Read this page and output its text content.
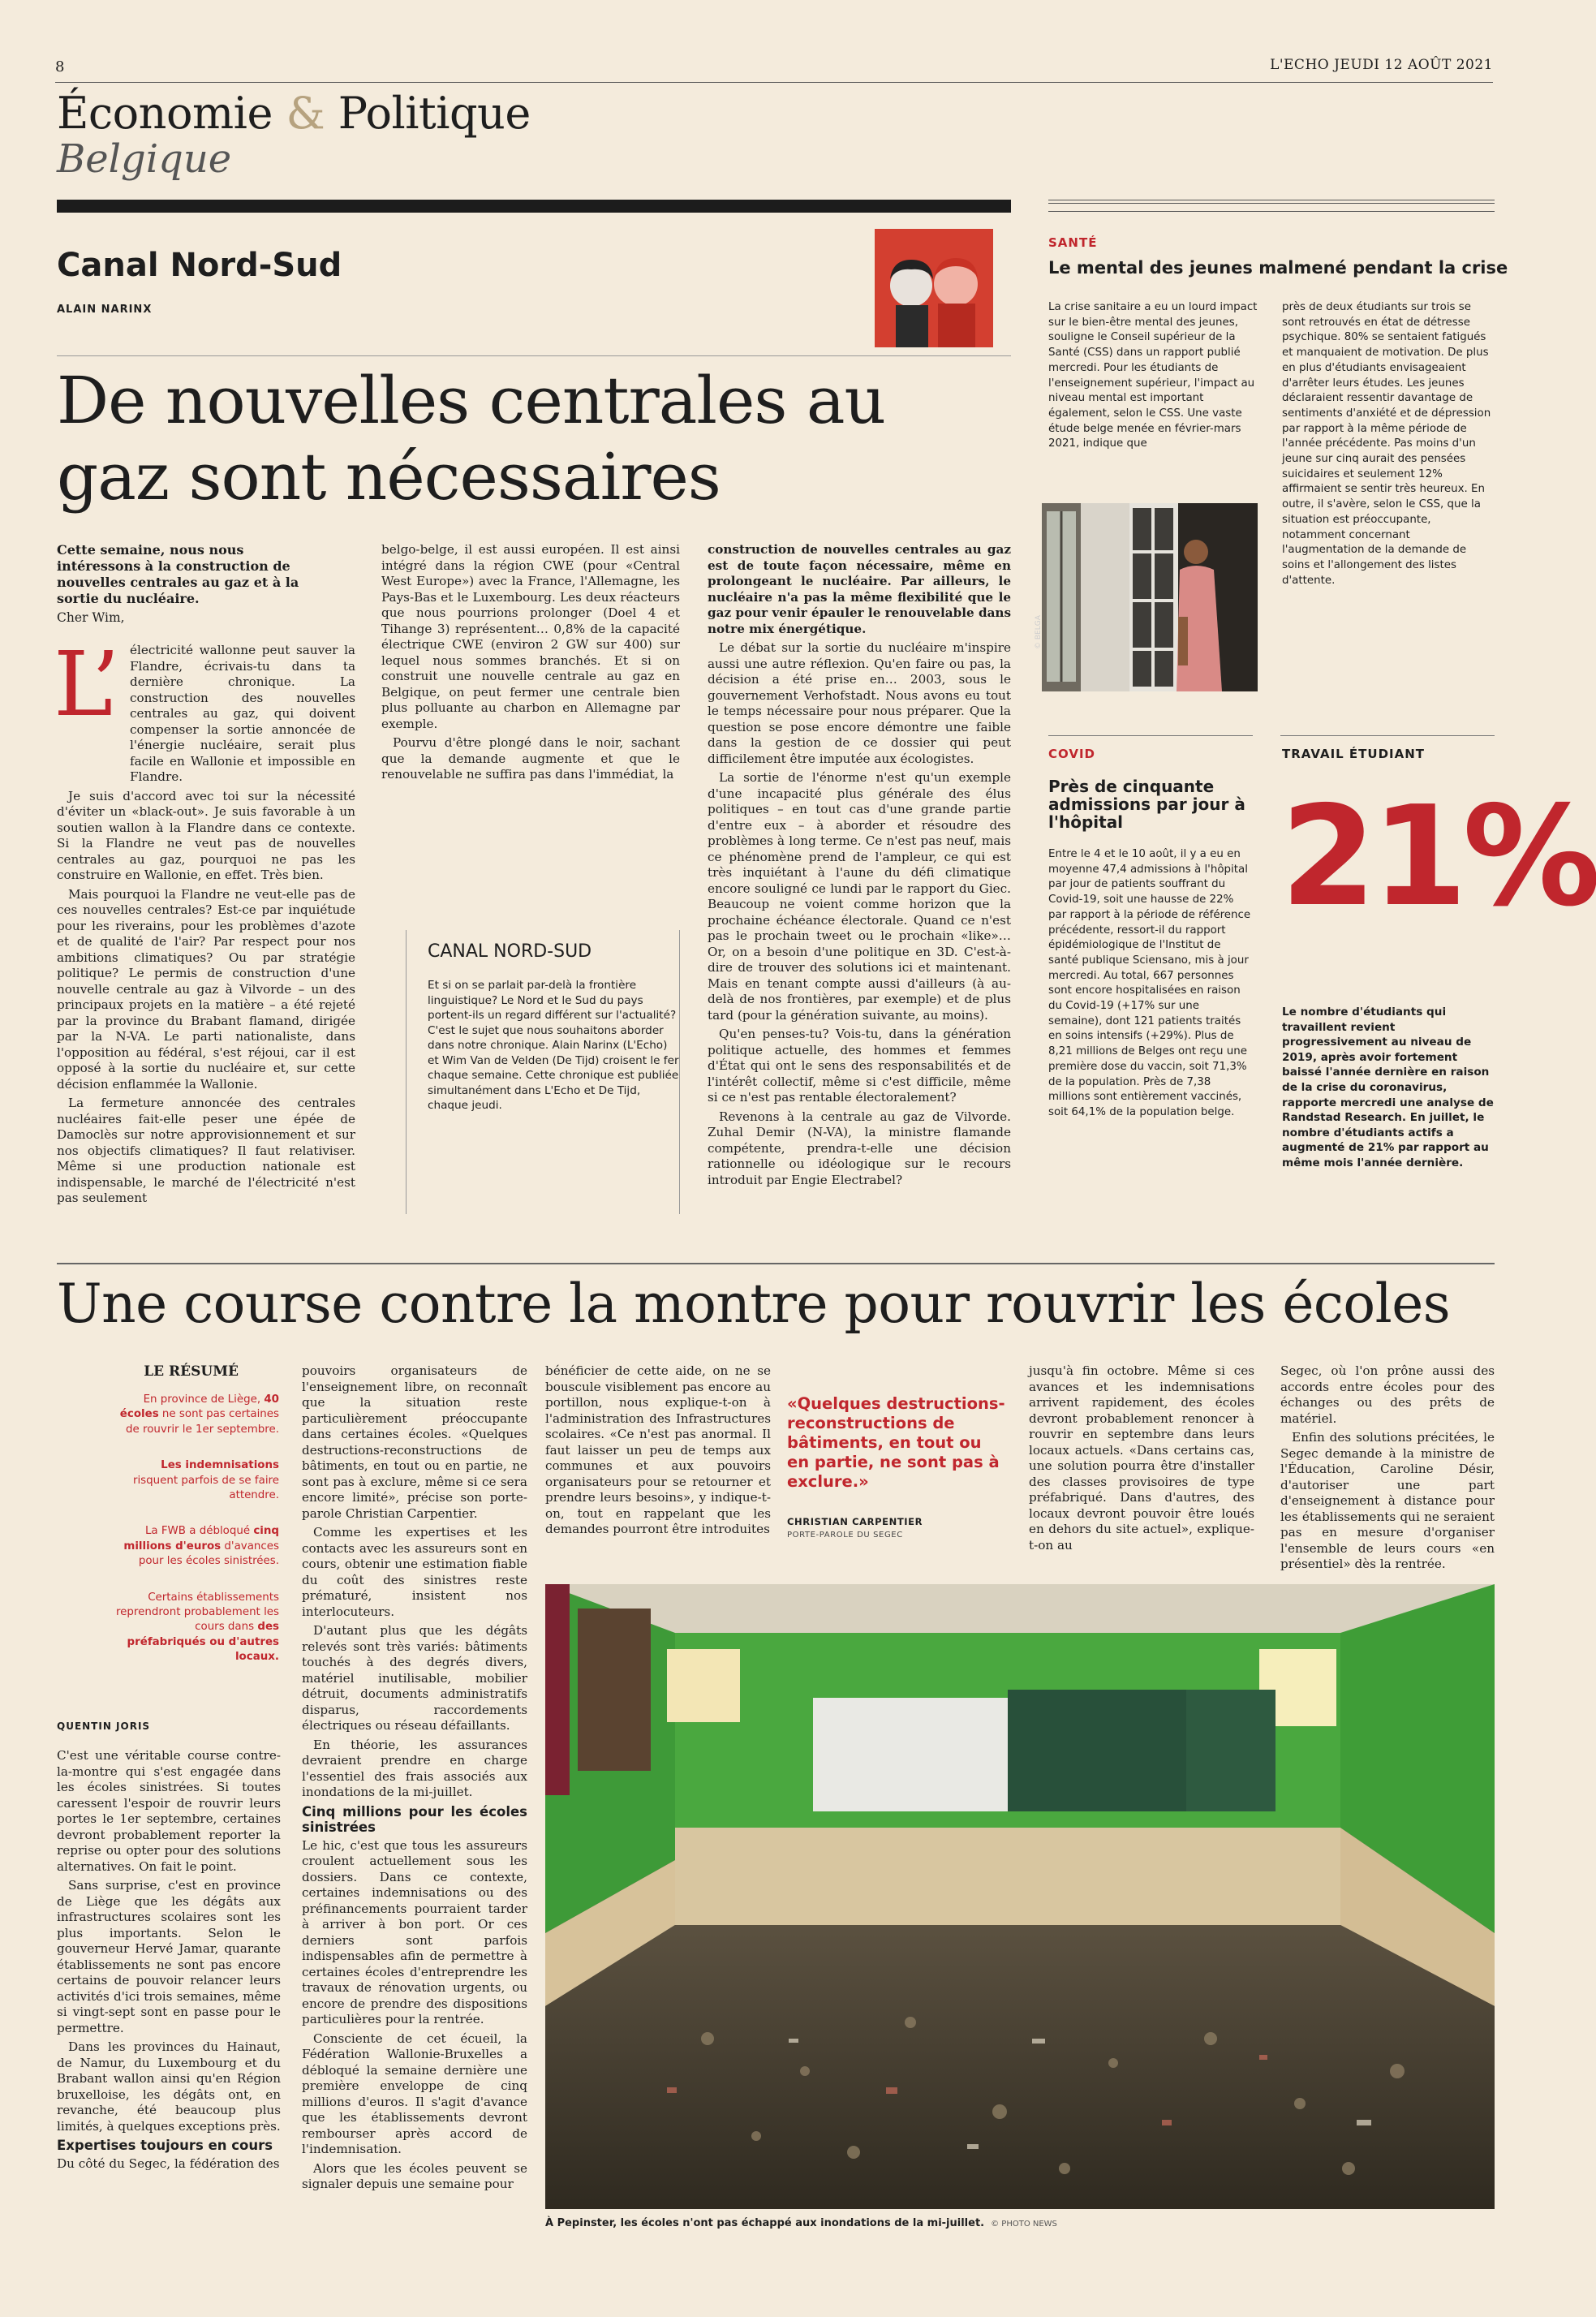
8	L'ECHO JEUDI 12 AOÛT 2021
Économie & Politique
Belgique
Canal Nord-Sud
ALAIN NARINX
De nouvelles centrales au gaz sont nécessaires
Cette semaine, nous nous intéressons à la construction de nouvelles centrales au gaz et à la sortie du nucléaire.
Cher Wim,
L’ électricité wallonne peut sauver la Flandre, écrivais-tu dans ta dernière chronique. La construction des nouvelles centrales au gaz, qui doivent compenser la sortie annoncée de l'énergie nucléaire, serait plus facile en Wallonie et impossible en Flandre.

Je suis d'accord avec toi sur la nécessité d'éviter un «black-out». Je suis favorable à un soutien wallon à la Flandre dans ce contexte. Si la Flandre ne veut pas de nouvelles centrales au gaz, pourquoi ne pas les construire en Wallonie, en effet. Très bien.

Mais pourquoi la Flandre ne veut-elle pas de ces nouvelles centrales? Est-ce par inquiétude pour les riverains, pour les problèmes d'azote et de qualité de l'air? Par respect pour nos ambitions climatiques? Ou par stratégie politique? Le permis de construction d'une nouvelle centrale au gaz à Vilvorde – un des principaux projets en la matière – a été rejeté par la province du Brabant flamand, dirigée par la N-VA. Le parti nationaliste, dans l'opposition au fédéral, s'est réjoui, car il est opposé à la sortie du nucléaire et, sur cette décision enflammée la Wallonie.

La fermeture annoncée des centrales nucléaires fait-elle peser une épée de Damoclès sur notre approvisionnement et sur nos objectifs climatiques? Il faut relativiser. Même si une production nationale est indispensable, le marché de l'électricité n'est pas seulement

belgo-belge, il est aussi européen. Il est ainsi intégré dans la région CWE (pour «Central West Europe») avec la France, l'Allemagne, les Pays-Bas et le Luxembourg. Les deux réacteurs que nous pourrions prolonger (Doel 4 et Tihange 3) représentent… 0,8% de la capacité électrique CWE (environ 2 GW sur 400) sur lequel nous sommes branchés. Et si on construit une nouvelle centrale au gaz en Belgique, on peut fermer une centrale bien plus polluante au charbon en Allemagne par exemple.

Pourvu d'être plongé dans le noir, sachant que la demande augmente et que le renouvelable ne suffira pas dans l'immédiat, la

construction de nouvelles centrales au gaz est de toute façon nécessaire, même en prolongeant le nucléaire. Par ailleurs, le nucléaire n'a pas la même flexibilité que le gaz pour venir épauler le renouvelable dans notre mix énergétique.

Le débat sur la sortie du nucléaire m'inspire aussi une autre réflexion. Qu'en faire ou pas, la décision a été prise en… 2003, sous le gouvernement Verhofstadt. Nous avons eu tout le temps nécessaire pour nous préparer. Que la question se pose encore démontre une faible dans la gestion de ce dossier qui peut difficilement être imputée aux écologistes.

La sortie de l'énorme n'est qu'un exemple d'une incapacité plus générale des élus politiques – en tout cas d'une grande partie d'entre eux – à aborder et résoudre des problèmes à long terme. Ce n'est pas neuf, mais ce phénomène prend de l'ampleur, ce qui est très inquiétant à l'aune du défi climatique encore souligné ce lundi par le rapport du Giec. Beaucoup ne voient comme horizon que la prochaine échéance électorale. Quand ce n'est pas le prochain tweet ou le prochain «like»… Or, on a besoin d'une politique en 3D. C'est-à-dire de trouver des solutions ici et maintenant. Mais en tenant compte aussi d'ailleurs (à au-delà de nos frontières, par exemple) et de plus tard (pour la génération suivante, au moins).

Qu'en penses-tu? Vois-tu, dans la génération politique actuelle, des hommes et femmes d'État qui ont le sens des responsabilités et de l'intérêt collectif, même si c'est difficile, même si ce n'est pas rentable électoralement?

Revenons à la centrale au gaz de Vilvorde. Zuhal Demir (N-VA), la ministre flamande compétente, prendra-t-elle une décision rationnelle ou idéologique sur le recours introduit par Engie Electrabel?

CANAL NORD-SUD
Et si on se parlait par-delà la frontière linguistique? Le Nord et le Sud du pays portent-ils un regard différent sur l'actualité? C'est le sujet que nous souhaitons aborder dans notre chronique. Alain Narinx (L'Echo) et Wim Van de Velden (De Tijd) croisent le fer chaque semaine. Cette chronique est publiée simultanément dans L'Echo et De Tijd, chaque jeudi.
SANTÉ
Le mental des jeunes malmené pendant la crise
La crise sanitaire a eu un lourd impact sur le bien-être mental des jeunes, souligne le Conseil supérieur de la Santé (CSS) dans un rapport publié mercredi. Pour les étudiants de l'enseignement supérieur, l'impact au niveau mental est important également, selon le CSS. Une vaste étude belge menée en février-mars 2021, indique que
près de deux étudiants sur trois se sont retrouvés en état de détresse psychique. 80% se sentaient fatigués et manquaient de motivation. De plus en plus d'étudiants envisageaient d'arrêter leurs études. Les jeunes déclaraient ressentir davantage de sentiments d'anxiété et de dépression par rapport à la même période de l'année précédente. Pas moins d'un jeune sur cinq aurait des pensées suicidaires et seulement 12% affirmaient se sentir très heureux. En outre, il s'avère, selon le CSS, que la situation est préoccupante, notamment concernant l'augmentation de la demande de soins et l'allongement des listes d'attente.
© BELGA
COVID
Près de cinquante admissions par jour à l'hôpital
Entre le 4 et le 10 août, il y a eu en moyenne 47,4 admissions à l'hôpital par jour de patients souffrant du Covid-19, soit une hausse de 22% par rapport à la période de référence précédente, ressort-il du rapport épidémiologique de l'Institut de santé publique Sciensano, mis à jour mercredi. Au total, 667 personnes sont encore hospitalisées en raison du Covid-19 (+17% sur une semaine), dont 121 patients traités en soins intensifs (+29%). Plus de 8,21 millions de Belges ont reçu une première dose du vaccin, soit 71,3% de la population. Près de 7,38 millions sont entièrement vaccinés, soit 64,1% de la population belge.
TRAVAIL ÉTUDIANT
21%
Le nombre d'étudiants qui travaillent revient progressivement au niveau de 2019, après avoir fortement baissé l'année dernière en raison de la crise du coronavirus, rapporte mercredi une analyse de Randstad Research. En juillet, le nombre d'étudiants actifs a augmenté de 21% par rapport au même mois l'année dernière.
Une course contre la montre pour rouvrir les écoles
LE RÉSUMÉ

En province de Liège, 40 écoles ne sont pas certaines de rouvrir le 1er septembre.

Les indemnisations risquent parfois de se faire attendre.

La FWB a débloqué cinq millions d'euros d'avances pour les écoles sinistrées.

Certains établissements reprendront probablement les cours dans des préfabriqués ou d'autres locaux.

QUENTIN JORIS

C'est une véritable course contre-la-montre qui s'est engagée dans les écoles sinistrées. Si toutes caressent l'espoir de rouvrir leurs portes le 1er septembre, certaines devront probablement reporter la reprise ou opter pour des solutions alternatives. On fait le point.

Sans surprise, c'est en province de Liège que les dégâts aux infrastructures scolaires sont les plus importants. Selon le gouverneur Hervé Jamar, quarante établissements ne sont pas encore certains de pouvoir relancer leurs activités d'ici trois semaines, même si vingt-sept sont en passe pour le permettre.

Dans les provinces du Hainaut, de Namur, du Luxembourg et du Brabant wallon ainsi qu'en Région bruxelloise, les dégâts ont, en revanche, été beaucoup plus limités, à quelques exceptions près.

Expertises toujours en cours

Du côté du Segec, la fédération des

pouvoirs organisateurs de l'enseignement libre, on reconnaît que la situation reste particulièrement préoccupante dans certaines écoles. «Quelques destructions-reconstructions de bâtiments, en tout ou en partie, ne sont pas à exclure, même si ce sera encore limité», précise son porte-parole Christian Carpentier.

Comme les expertises et les contacts avec les assureurs sont en cours, obtenir une estimation fiable du coût des sinistres reste prématuré, insistent nos interlocuteurs.

D'autant plus que les dégâts relevés sont très variés: bâtiments touchés à des degrés divers, matériel inutilisable, mobilier détruit, documents administratifs disparus, raccordements électriques ou réseau défaillants.

En théorie, les assurances devraient prendre en charge l'essentiel des frais associés aux inondations de la mi-juillet.

Cinq millions pour les écoles sinistrées

Le hic, c'est que tous les assureurs croulent actuellement sous les dossiers. Dans ce contexte, certaines indemnisations ou des préfinancements pourraient tarder à arriver à bon port. Or ces derniers sont parfois indispensables afin de permettre à certaines écoles d'entreprendre les travaux de rénovation urgents, ou encore de prendre des dispositions particulières pour la rentrée.

Consciente de cet écueil, la Fédération Wallonie-Bruxelles a débloqué la semaine dernière une première enveloppe de cinq millions d'euros. Il s'agit d'avance que les établissements devront rembourser après accord de l'indemnisation.

Alors que les écoles peuvent se signaler depuis une semaine pour

bénéficier de cette aide, on ne se bouscule visiblement pas encore au portillon, nous explique-t-on à l'administration des Infrastructures scolaires. «Ce n'est pas anormal. Il faut laisser un peu de temps aux communes et aux pouvoirs organisateurs pour se retourner et prendre leurs besoins», y indique-t-on, tout en rappelant que les demandes pourront être introduites

«Quelques destructions-reconstructions de bâtiments, en tout ou en partie, ne sont pas à exclure.»
CHRISTIAN CARPENTIER
PORTE-PAROLE DU SEGEC

jusqu'à fin octobre. Même si ces avances et les indemnisations arrivent rapidement, des écoles devront probablement renoncer à rouvrir en septembre dans leurs locaux actuels. «Dans certains cas, une solution pourra être d'installer des classes provisoires de type préfabriqué. Dans d'autres, des locaux devront pouvoir être loués en dehors du site actuel», explique-t-on au

Segec, où l'on prône aussi des accords entre écoles pour des échanges ou des prêts de matériel.

Enfin des solutions précitées, le Segec demande à la ministre de l'Éducation, Caroline Désir, d'autoriser une part d'enseignement à distance pour les établissements qui ne seraient pas en mesure d'organiser l'ensemble de leurs cours «en présentiel» dès la rentrée.

À Pepinster, les écoles n'ont pas échappé aux inondations de la mi-juillet. © PHOTO NEWS
